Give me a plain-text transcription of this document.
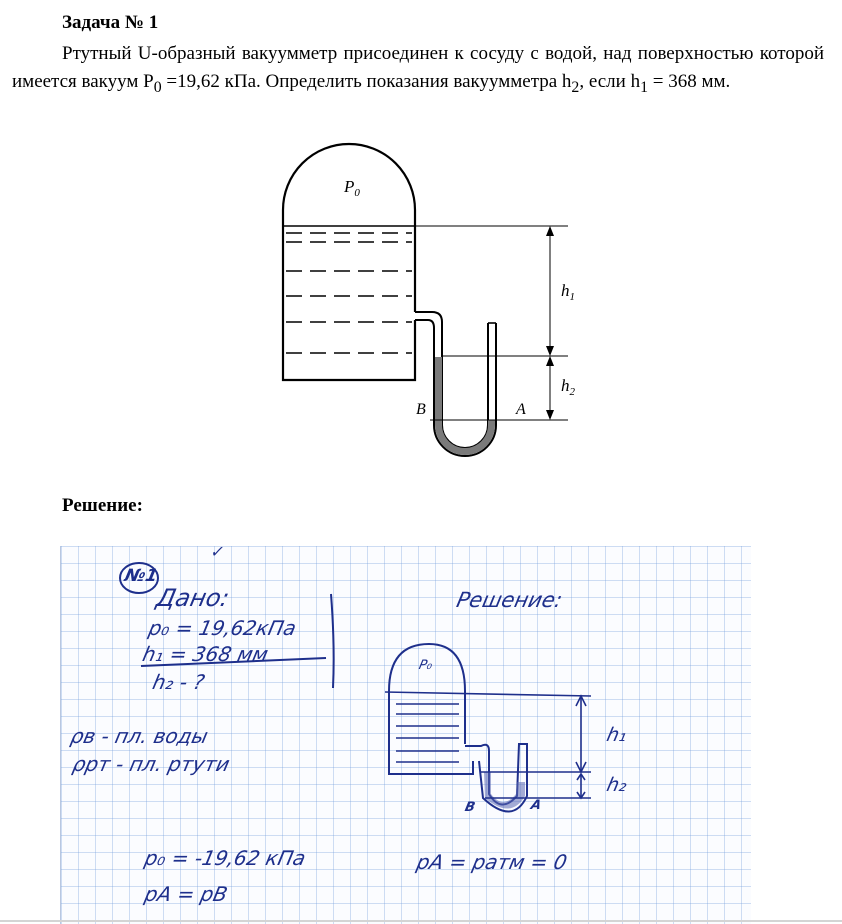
Задача № 1

Ртутный U-образный вакуумметр присоединен к сосуду с водой, над поверхностью которой имеется вакуум $P_0 =19,62$ кПа. Определить показания вакуумметра $h_2$, если $h_1 = 368$ мм.

$P_0$
$h_1$
$h_2$
B	A
Решение:
✓
№1
Дано:
p₀ = 19,62кПа
h₁ = 368 мм
h₂ - ?
ρв - пл. воды
ρрт - пл. ртути
Решение:
P₀
h₁
h₂
B	A
p₀ = -19,62 кПа
pA = pB
pA = pатм = 0
